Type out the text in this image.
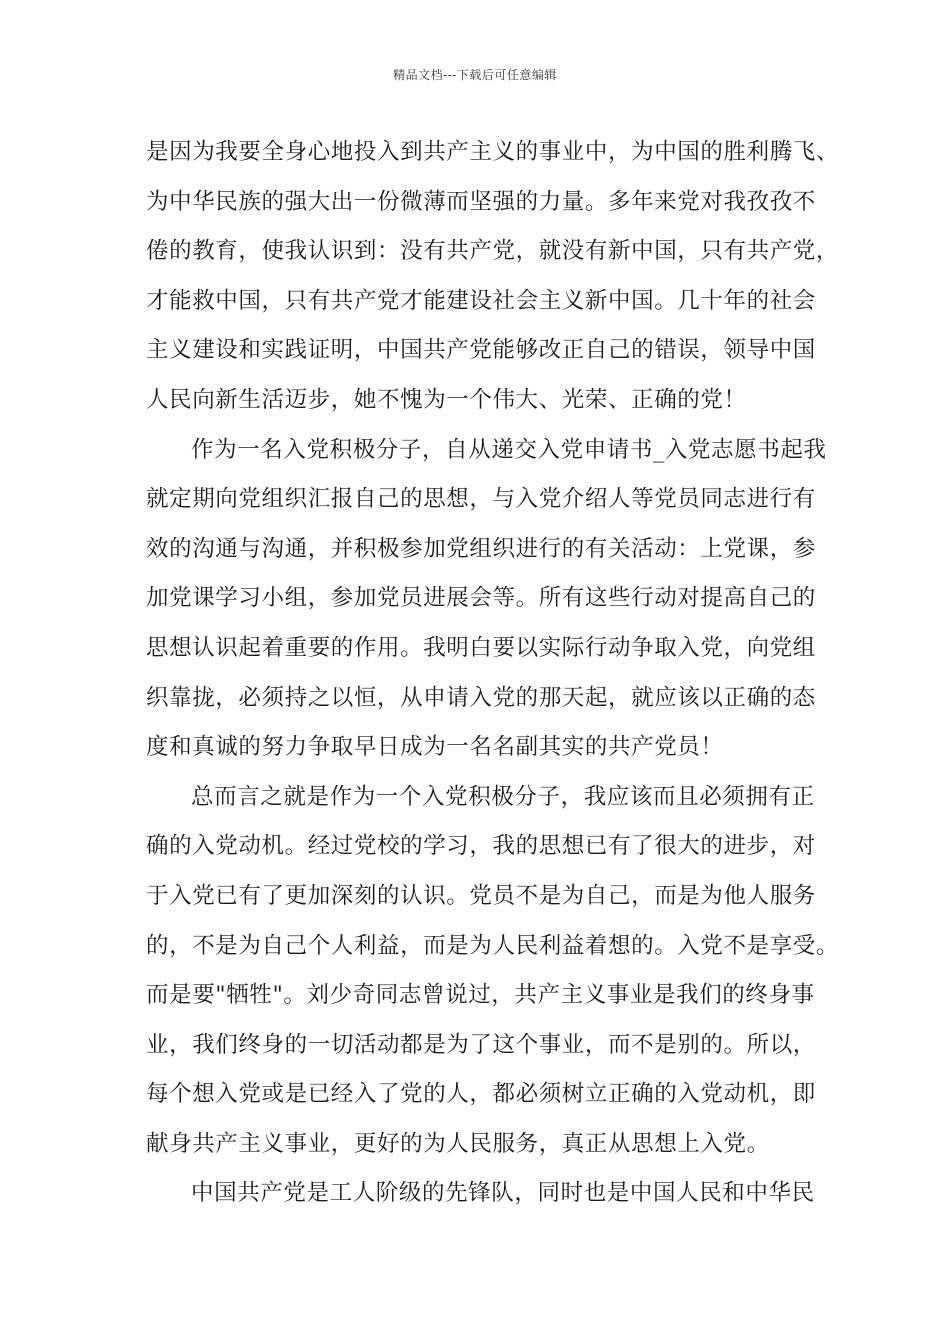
精品文档---下载后可任意编辑
是因为我要全身心地投入到共产主义的事业中，为中国的胜利腾飞、
为中华民族的强大出一份微薄而坚强的力量。多年来党对我孜孜不
倦的教育，使我认识到：没有共产党，就没有新中国，只有共产党，
才能救中国，只有共产党才能建设社会主义新中国。几十年的社会
主义建设和实践证明，中国共产党能够改正自己的错误，领导中国
人民向新生活迈步，她不愧为一个伟大、光荣、正确的党！
作为一名入党积极分子，自从递交入党申请书_入党志愿书起我
就定期向党组织汇报自己的思想，与入党介绍人等党员同志进行有
效的沟通与沟通，并积极参加党组织进行的有关活动：上党课，参
加党课学习小组，参加党员进展会等。所有这些行动对提高自己的
思想认识起着重要的作用。我明白要以实际行动争取入党，向党组
织靠拢，必须持之以恒，从申请入党的那天起，就应该以正确的态
度和真诚的努力争取早日成为一名名副其实的共产党员！
总而言之就是作为一个入党积极分子，我应该而且必须拥有正
确的入党动机。经过党校的学习，我的思想已有了很大的进步，对
于入党已有了更加深刻的认识。党员不是为自己，而是为他人服务
的，不是为自己个人利益，而是为人民利益着想的。入党不是享受。
而是要"牺牲"。刘少奇同志曾说过，共产主义事业是我们的终身事
业，我们终身的一切活动都是为了这个事业，而不是别的。所以，
每个想入党或是已经入了党的人，都必须树立正确的入党动机，即
献身共产主义事业，更好的为人民服务，真正从思想上入党。
中国共产党是工人阶级的先锋队，同时也是中国人民和中华民
